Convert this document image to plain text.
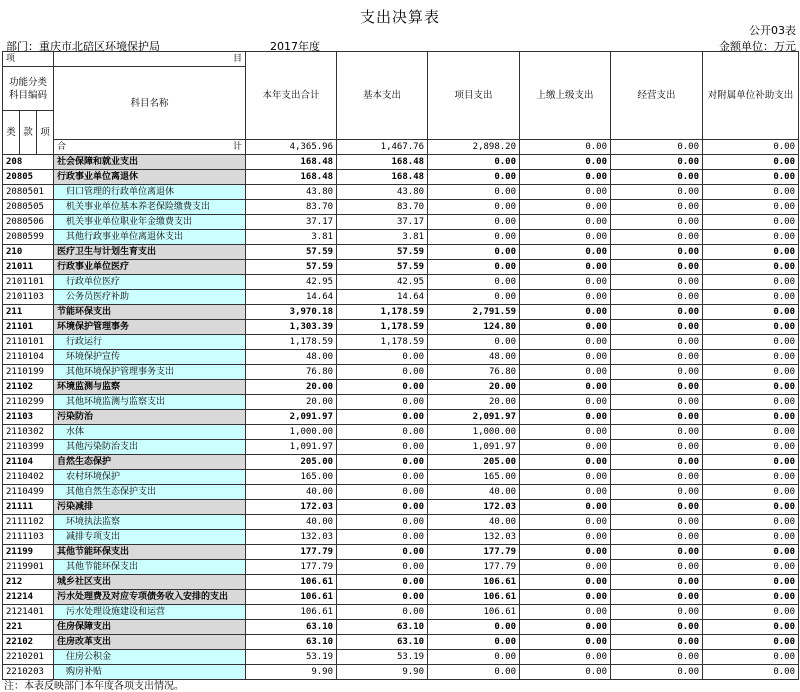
支出决算表
公开03表
部门：重庆市北碚区环境保护局	2017年度	金额单位：万元
项			目	本年支出合计	基本支出	项目支出	上缴上级支出	经营支出	对附属单位补助支出	
功能分类科目编码			科目名称							
类	款	项	

			合 计	4,365.96	1,467.76	2,898.20	0.00	0.00	0.00	
208			社会保障和就业支出	168.48	168.48	0.00	0.00	0.00	0.00	
20805			行政事业单位离退休	168.48	168.48	0.00	0.00	0.00	0.00	
2080501			归口管理的行政单位离退休	43.80	43.80	0.00	0.00	0.00	0.00	
2080505			机关事业单位基本养老保险缴费支出	83.70	83.70	0.00	0.00	0.00	0.00	
2080506			机关事业单位职业年金缴费支出	37.17	37.17	0.00	0.00	0.00	0.00	
2080599			其他行政事业单位离退休支出	3.81	3.81	0.00	0.00	0.00	0.00	
210			医疗卫生与计划生育支出	57.59	57.59	0.00	0.00	0.00	0.00	
21011			行政事业单位医疗	57.59	57.59	0.00	0.00	0.00	0.00	
2101101			行政单位医疗	42.95	42.95	0.00	0.00	0.00	0.00	
2101103			公务员医疗补助	14.64	14.64	0.00	0.00	0.00	0.00	
211			节能环保支出	3,970.18	1,178.59	2,791.59	0.00	0.00	0.00	
21101			环境保护管理事务	1,303.39	1,178.59	124.80	0.00	0.00	0.00	
2110101			行政运行	1,178.59	1,178.59	0.00	0.00	0.00	0.00	
2110104			环境保护宣传	48.00	0.00	48.00	0.00	0.00	0.00	
2110199			其他环境保护管理事务支出	76.80	0.00	76.80	0.00	0.00	0.00	
21102			环境监测与监察	20.00	0.00	20.00	0.00	0.00	0.00	
2110299			其他环境监测与监察支出	20.00	0.00	20.00	0.00	0.00	0.00	
21103			污染防治	2,091.97	0.00	2,091.97	0.00	0.00	0.00	
2110302			水体	1,000.00	0.00	1,000.00	0.00	0.00	0.00	
2110399			其他污染防治支出	1,091.97	0.00	1,091.97	0.00	0.00	0.00	
21104			自然生态保护	205.00	0.00	205.00	0.00	0.00	0.00	
2110402			农村环境保护	165.00	0.00	165.00	0.00	0.00	0.00	
2110499			其他自然生态保护支出	40.00	0.00	40.00	0.00	0.00	0.00	
21111			污染减排	172.03	0.00	172.03	0.00	0.00	0.00	
2111102			环境执法监察	40.00	0.00	40.00	0.00	0.00	0.00	
2111103			减排专项支出	132.03	0.00	132.03	0.00	0.00	0.00	
21199			其他节能环保支出	177.79	0.00	177.79	0.00	0.00	0.00	
2119901			其他节能环保支出	177.79	0.00	177.79	0.00	0.00	0.00	
212			城乡社区支出	106.61	0.00	106.61	0.00	0.00	0.00	
21214			污水处理费及对应专项债务收入安排的支出	106.61	0.00	106.61	0.00	0.00	0.00	
2121401			污水处理设施建设和运营	106.61	0.00	106.61	0.00	0.00	0.00	
221			住房保障支出	63.10	63.10	0.00	0.00	0.00	0.00	
22102			住房改革支出	63.10	63.10	0.00	0.00	0.00	0.00	
2210201			住房公积金	53.19	53.19	0.00	0.00	0.00	0.00	
2210203			购房补贴	9.90	9.90	0.00	0.00	0.00	0.00	
注：本表反映部门本年度各项支出情况。
